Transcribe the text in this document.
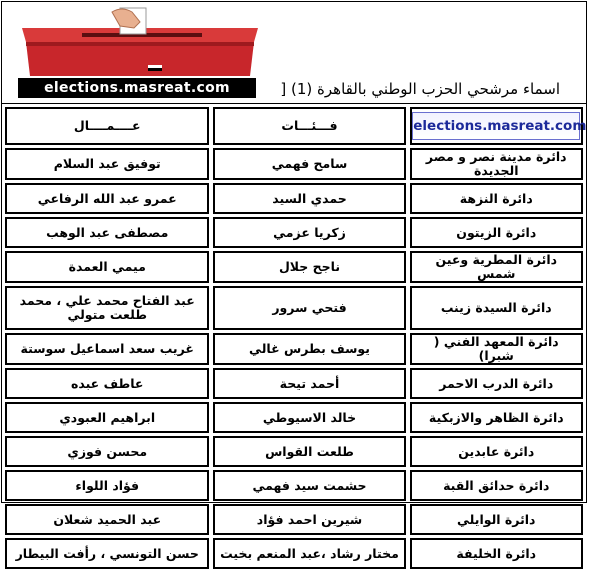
elections.masreat.com	اسماء مرشحي الحزب الوطني بالقاهرة (1) [
elections.masreat.com	فـــئـــات	عــــمــــال
دائرة مدينة نصر و مصر الجديدة	سامح فهمي	توفيق عبد السلام
دائرة النزهة	حمدي السيد	عمرو عبد الله الرفاعي
دائرة الزيتون	زكريا عزمي	مصطفى عبد الوهب
دائرة المطرية وعين شمس	ناجح جلال	ميمي العمدة
دائرة السيدة زينب	فتحي سرور	عبد الفتاح محمد علي ، محمد طلعت متولي
دائرة المعهد الفني ( شبرا)	يوسف بطرس غالي	غريب سعد اسماعيل سوستة
دائرة الدرب الاحمر	أحمد تيحة	عاطف عبده
دائرة الظاهر والازبكية	خالد الاسيوطي	ابراهيم العبودي
دائرة عابدين	طلعت القواس	محسن فوزي
دائرة حدائق القبة	حشمت سيد فهمي	فؤاد اللواء
دائرة الوايلي	شيرين احمد فؤاد	عبد الحميد شعلان
دائرة الخليفة	مختار رشاد ،عبد المنعم بخيت	حسن التونسي ، رأفت البيطار
